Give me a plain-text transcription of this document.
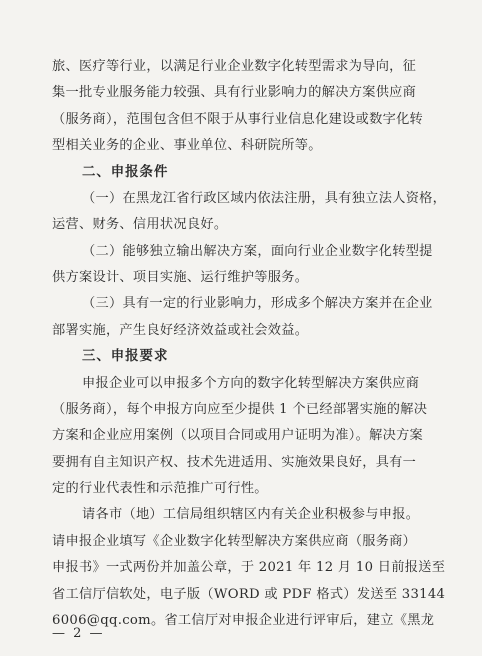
旅、医疗等行业，以满足行业企业数字化转型需求为导向，征
集一批专业服务能力较强、具有行业影响力的解决方案供应商
（服务商），范围包含但不限于从事行业信息化建设或数字化转
型相关业务的企业、事业单位、科研院所等。
二、申报条件
（一）在黑龙江省行政区域内依法注册，具有独立法人资格，
运营、财务、信用状况良好。
（二）能够独立输出解决方案，面向行业企业数字化转型提
供方案设计、项目实施、运行维护等服务。
（三）具有一定的行业影响力，形成多个解决方案并在企业
部署实施，产生良好经济效益或社会效益。
三、申报要求
申报企业可以申报多个方向的数字化转型解决方案供应商
（服务商），每个申报方向应至少提供 1 个已经部署实施的解决
方案和企业应用案例（以项目合同或用户证明为准）。解决方案
要拥有自主知识产权、技术先进适用、实施效果良好，具有一
定的行业代表性和示范推广可行性。
请各市（地）工信局组织辖区内有关企业积极参与申报。
请申报企业填写《企业数字化转型解决方案供应商（服务商）
申报书》一式两份并加盖公章，于 2021 年 12 月 10 日前报送至
省工信厅信软处，电子版（WORD 或 PDF 格式）发送至 33144
6006@qq.com。省工信厅对申报企业进行评审后，建立《黑龙
— 2 —
